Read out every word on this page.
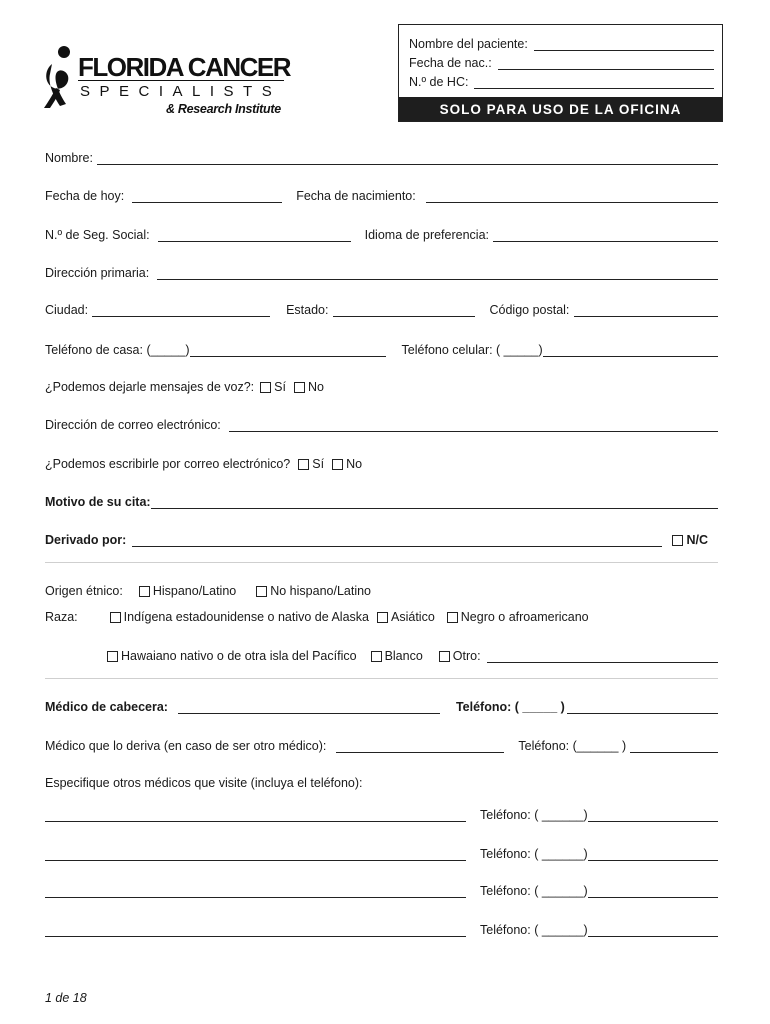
FLORIDA CANCER
SPECIALISTS
& Research Institute
Nombre del paciente:
Fecha de nac.:
N.º de HC:
SOLO PARA USO DE LA OFICINA
Nombre:
Fecha de hoy:	Fecha de nacimiento:
N.º de Seg. Social:	Idioma de preferencia:
Dirección primaria:
Ciudad:	Estado:	Código postal:
Teléfono de casa: (_____)	Teléfono celular: ( _____)
¿Podemos dejarle mensajes de voz?: Sí No
Dirección de correo electrónico:
¿Podemos escribirle por correo electrónico? Sí No
Motivo de su cita:
Derivado por:	N/C
Origen étnico: Hispano/Latino	No hispano/Latino
Raza:	Indígena estadounidense o nativo de Alaska Asiático Negro o afroamericano
Hawaiano nativo o de otra isla del Pacífico Blanco Otro:
Médico de cabecera:	Teléfono: ( _____ )
Médico que lo deriva (en caso de ser otro médico):	Teléfono: (______ )
Especifique otros médicos que visite (incluya el teléfono):
Teléfono: ( ______)
Teléfono: ( ______)
Teléfono: ( ______)
Teléfono: ( ______)
1 de 18
